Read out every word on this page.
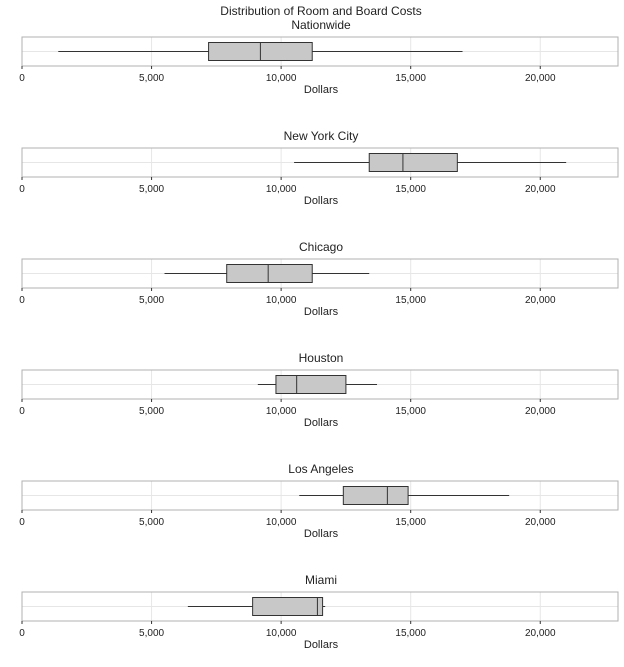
Distribution of Room and Board Costs
Nationwide
0	5,000	10,000	15,000	20,000
Dollars
New York City
0	5,000	10,000	15,000	20,000
Dollars
Chicago
0	5,000	10,000	15,000	20,000
Dollars
Houston
0	5,000	10,000	15,000	20,000
Dollars
Los Angeles
0	5,000	10,000	15,000	20,000
Dollars
Miami
0	5,000	10,000	15,000	20,000
Dollars
